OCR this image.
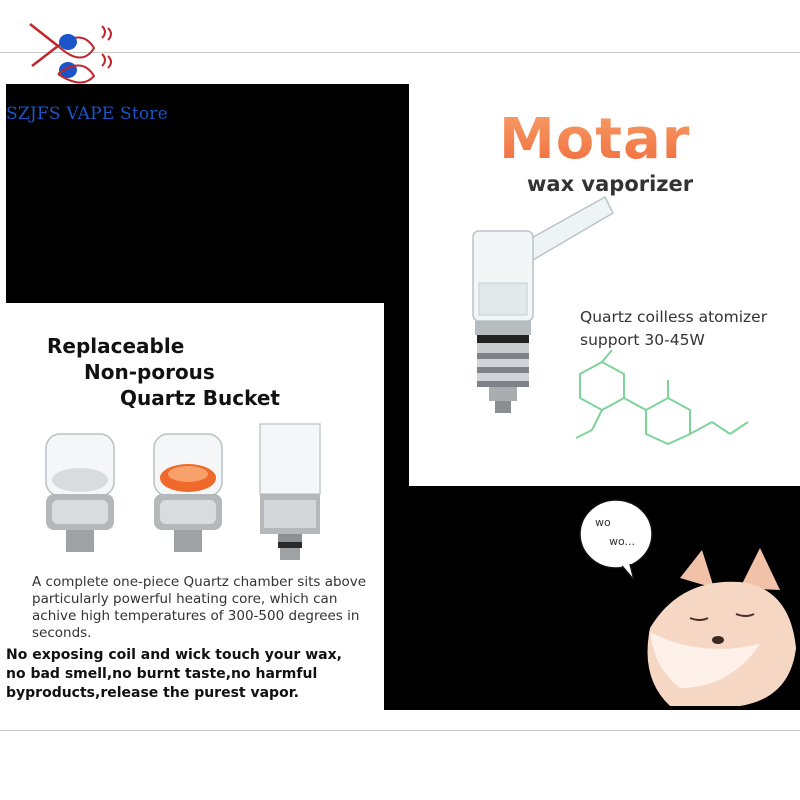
SZJFS VAPE Store	Motar
wax vaporizer
Quartz coilless atomizer
support 30-45W
Replaceable
Non-porous
Quartz Bucket
A complete one-piece Quartz chamber sits above particularly powerful heating core, which can achive high temperatures of 300-500 degrees in seconds.
No exposing coil and wick touch your wax,
no bad smell,no burnt taste,no harmful
byproducts,release the purest vapor.
wo
wo...
